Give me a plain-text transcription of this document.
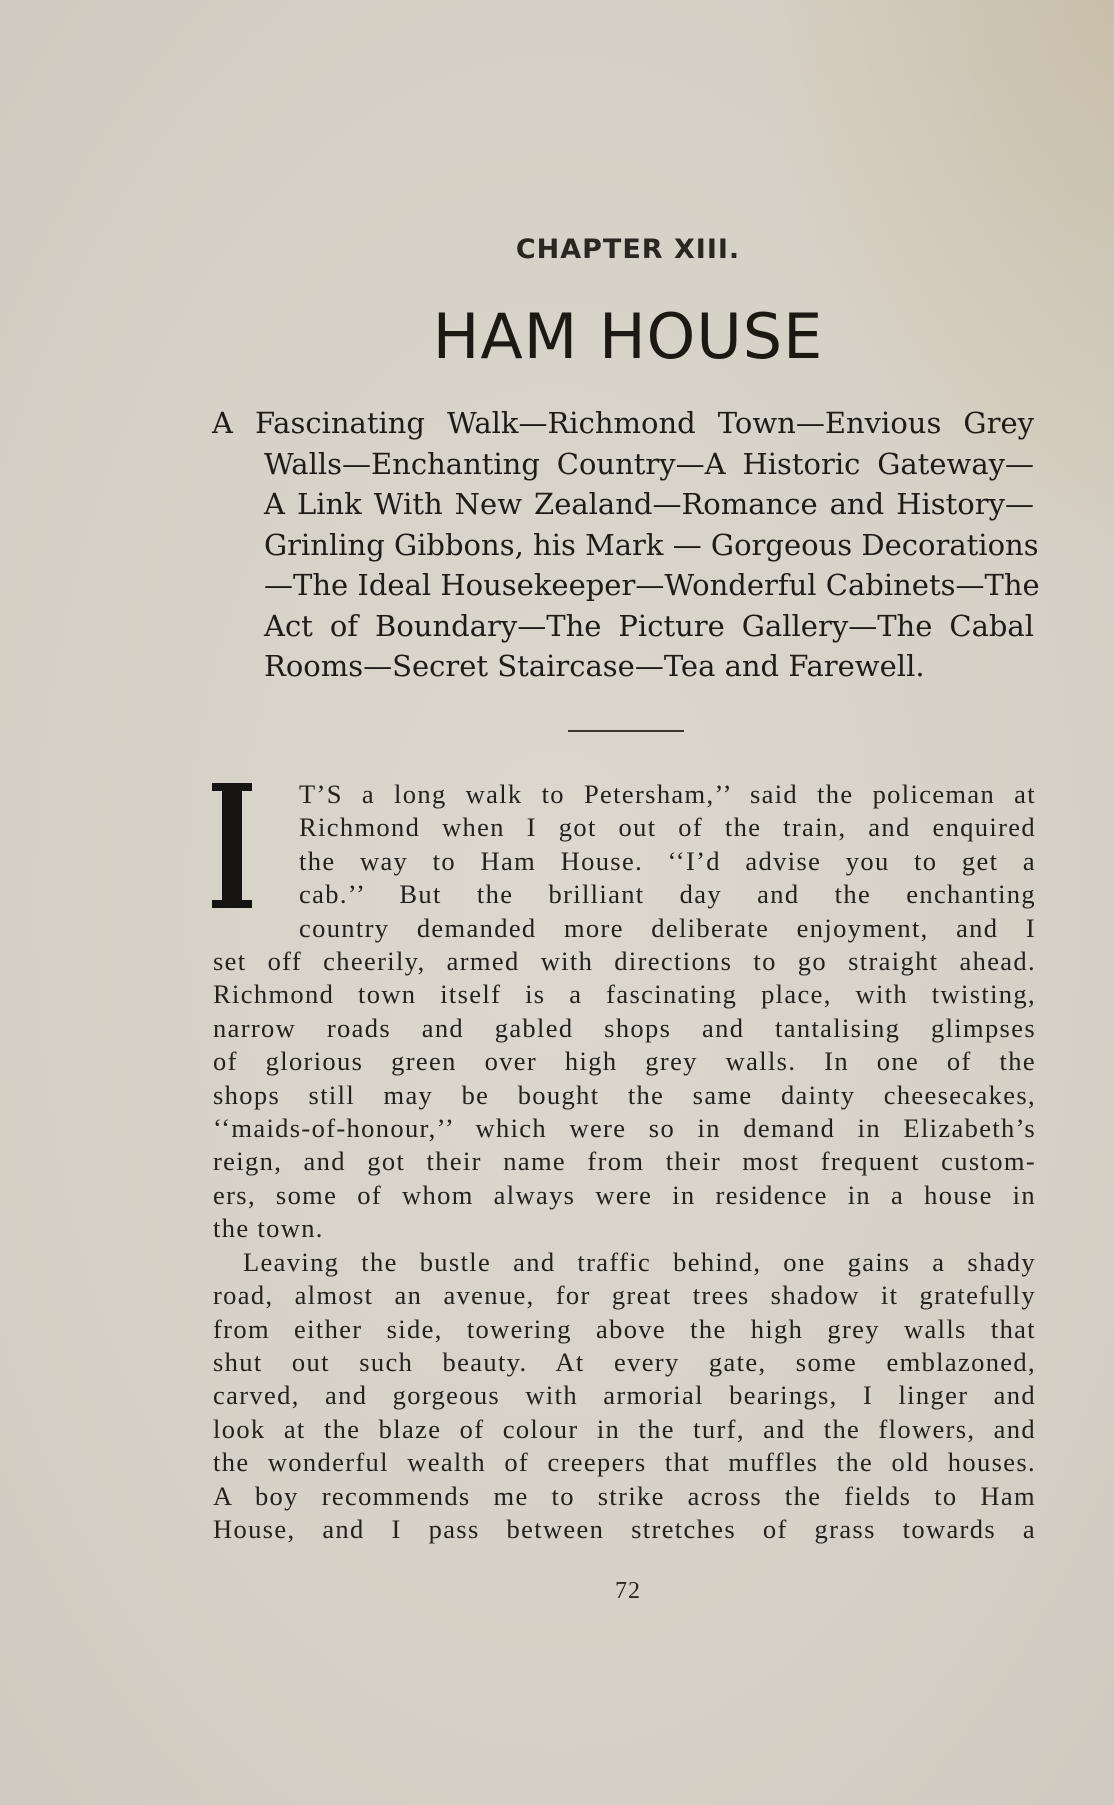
CHAPTER XIII.
HAM HOUSE
A Fascinating Walk—Richmond Town—Envious Grey
Walls—Enchanting Country—A Historic Gateway—
A Link With New Zealand—Romance and History—
Grinling Gibbons, his Mark — Gorgeous Decorations
—The Ideal Housekeeper—Wonderful Cabinets—The
Act of Boundary—The Picture Gallery—The Cabal
Rooms—Secret Staircase—Tea and Farewell.
T’S a long walk to Petersham,’’ said the policeman at
Richmond when I got out of the train, and enquired
the way to Ham House. ‘‘I’d advise you to get a
cab.’’ But the brilliant day and the enchanting
country demanded more deliberate enjoyment, and I
set off cheerily, armed with directions to go straight ahead.
Richmond town itself is a fascinating place, with twisting,
narrow roads and gabled shops and tantalising glimpses
of glorious green over high grey walls. In one of the
shops still may be bought the same dainty cheesecakes,
‘‘maids-of-honour,’’ which were so in demand in Elizabeth’s
reign, and got their name from their most frequent custom-
ers, some of whom always were in residence in a house in
the town.
Leaving the bustle and traffic behind, one gains a shady
road, almost an avenue, for great trees shadow it gratefully
from either side, towering above the high grey walls that
shut out such beauty. At every gate, some emblazoned,
carved, and gorgeous with armorial bearings, I linger and
look at the blaze of colour in the turf, and the flowers, and
the wonderful wealth of creepers that muffles the old houses.
A boy recommends me to strike across the fields to Ham
House, and I pass between stretches of grass towards a
72
